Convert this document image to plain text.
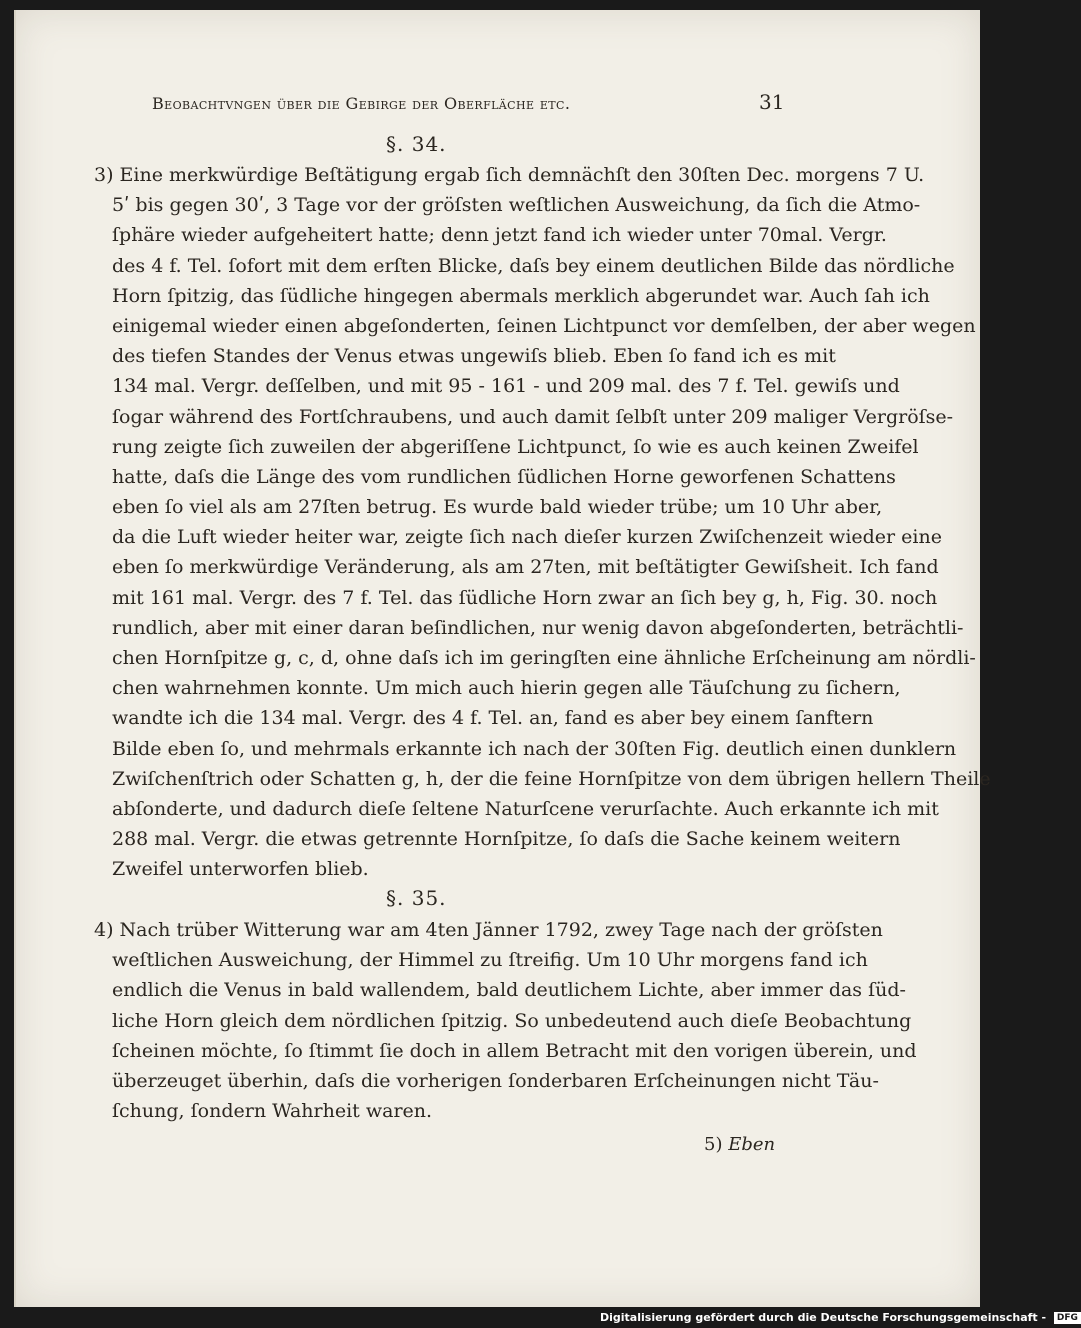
Beobachtvngen über die Gebirge der Oberfläche etc.	31
§. 34.
3) Eine merkwürdige Beſtätigung ergab ſich demnächſt den 30ſten Dec. morgens 7 U.
5ʹ bis gegen 30ʹ, 3 Tage vor der gröſsten weſtlichen Ausweichung, da ſich die Atmo-
ſphäre wieder aufgeheitert hatte; denn jetzt fand ich wieder unter 70mal. Vergr.
des 4 f. Tel. ſofort mit dem erſten Blicke, daſs bey einem deutlichen Bilde das nördliche
Horn ſpitzig, das ſüdliche hingegen abermals merklich abgerundet war. Auch ſah ich
einigemal wieder einen abgeſonderten, ſeinen Lichtpunct vor demſelben, der aber wegen
des tiefen Standes der Venus etwas ungewiſs blieb. Eben ſo fand ich es mit
134 mal. Vergr. deſſelben, und mit 95 - 161 - und 209 mal. des 7 f. Tel. gewiſs und
ſogar während des Fortſchraubens, und auch damit ſelbſt unter 209 maliger Vergröſse-
rung zeigte ſich zuweilen der abgeriſſene Lichtpunct, ſo wie es auch keinen Zweifel
hatte, daſs die Länge des vom rundlichen ſüdlichen Horne geworfenen Schattens
eben ſo viel als am 27ſten betrug. Es wurde bald wieder trübe; um 10 Uhr aber,
da die Luft wieder heiter war, zeigte ſich nach dieſer kurzen Zwiſchenzeit wieder eine
eben ſo merkwürdige Veränderung, als am 27ten, mit beſtätigter Gewiſsheit. Ich fand
mit 161 mal. Vergr. des 7 f. Tel. das ſüdliche Horn zwar an ſich bey g, h, Fig. 30. noch
rundlich, aber mit einer daran beſindlichen, nur wenig davon abgeſonderten, beträchtli-
chen Hornſpitze g, c, d, ohne daſs ich im geringſten eine ähnliche Erſcheinung am nördli-
chen wahrnehmen konnte. Um mich auch hierin gegen alle Täuſchung zu ſichern,
wandte ich die 134 mal. Vergr. des 4 f. Tel. an, fand es aber bey einem ſanftern
Bilde eben ſo, und mehrmals erkannte ich nach der 30ſten Fig. deutlich einen dunklern
Zwiſchenſtrich oder Schatten g, h, der die feine Hornſpitze von dem übrigen hellern Theile
abſonderte, und dadurch dieſe ſeltene Naturſcene verurſachte. Auch erkannte ich mit
288 mal. Vergr. die etwas getrennte Hornſpitze, ſo daſs die Sache keinem weitern
Zweifel unterworfen blieb.
§. 35.
4) Nach trüber Witterung war am 4ten Jänner 1792, zwey Tage nach der gröſsten
weſtlichen Ausweichung, der Himmel zu ſtreifig. Um 10 Uhr morgens fand ich
endlich die Venus in bald wallendem, bald deutlichem Lichte, aber immer das ſüd-
liche Horn gleich dem nördlichen ſpitzig. So unbedeutend auch dieſe Beobachtung
ſcheinen möchte, ſo ſtimmt ſie doch in allem Betracht mit den vorigen überein, und
überzeuget überhin, daſs die vorherigen ſonderbaren Erſcheinungen nicht Täu-
ſchung, ſondern Wahrheit waren.
5) Eben
Digitalisierung gefördert durch die Deutsche Forschungsgemeinschaft - DFG
